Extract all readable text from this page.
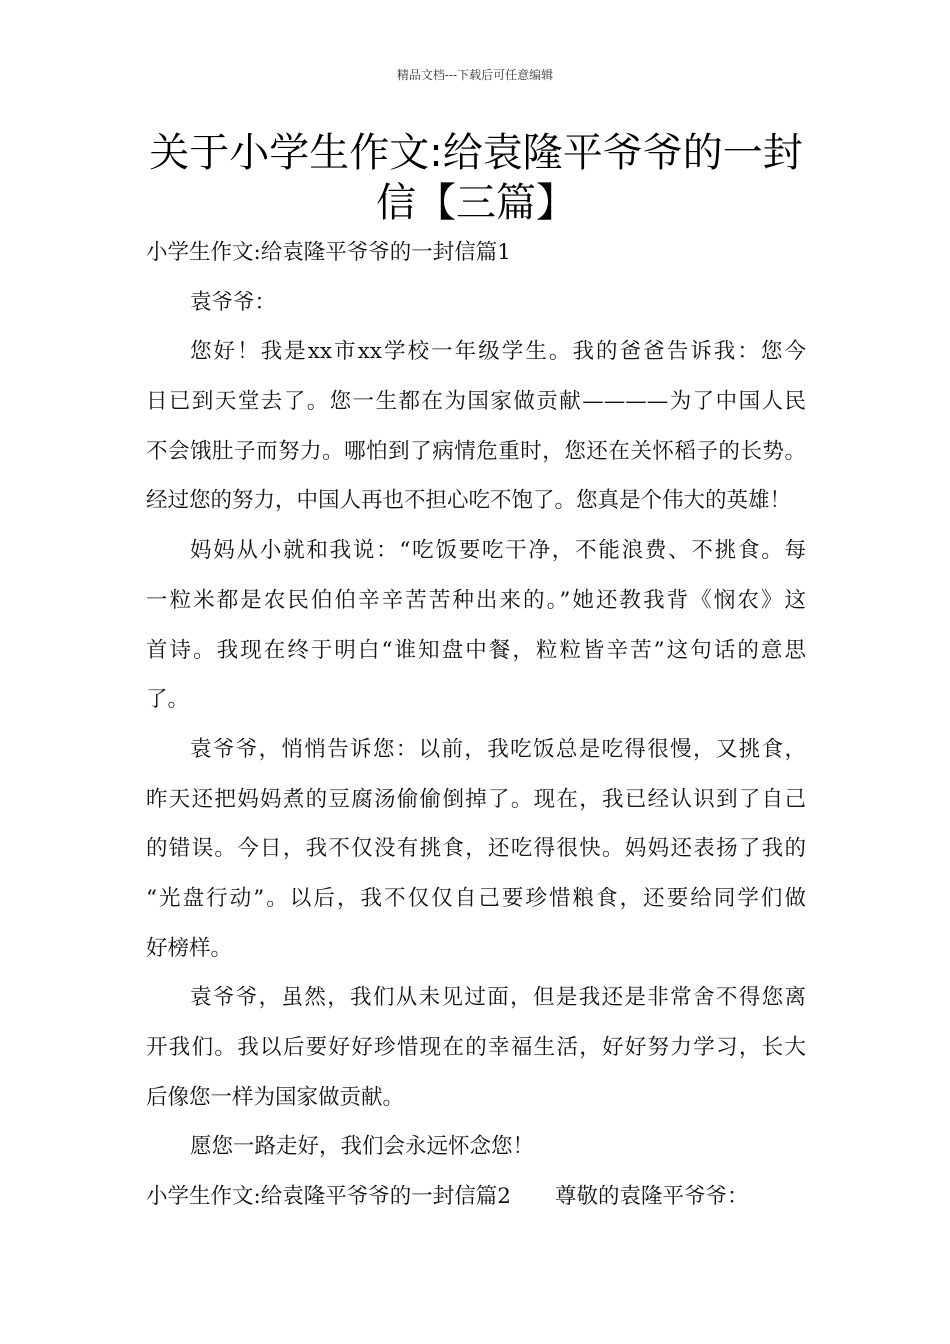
精品文档---下载后可任意编辑
关于小学生作文:给袁隆平爷爷的一封
信【三篇】
小学生作文:给袁隆平爷爷的一封信篇1
袁爷爷：
您好！我是xx市xx学校一年级学生。我的爸爸告诉我：您今
日已到天堂去了。您一生都在为国家做贡献————为了中国人民
不会饿肚子而努力。哪怕到了病情危重时，您还在关怀稻子的长势。
经过您的努力，中国人再也不担心吃不饱了。您真是个伟大的英雄！
妈妈从小就和我说：“吃饭要吃干净，不能浪费、不挑食。每
一粒米都是农民伯伯辛辛苦苦种出来的。”她还教我背《悯农》这
首诗。我现在终于明白“谁知盘中餐，粒粒皆辛苦”这句话的意思
了。
袁爷爷，悄悄告诉您：以前，我吃饭总是吃得很慢，又挑食，
昨天还把妈妈煮的豆腐汤偷偷倒掉了。现在，我已经认识到了自己
的错误。今日，我不仅没有挑食，还吃得很快。妈妈还表扬了我的
“光盘行动”。以后，我不仅仅自己要珍惜粮食，还要给同学们做
好榜样。
袁爷爷，虽然，我们从未见过面，但是我还是非常舍不得您离
开我们。我以后要好好珍惜现在的幸福生活，好好努力学习，长大
后像您一样为国家做贡献。
愿您一路走好，我们会永远怀念您！
小学生作文:给袁隆平爷爷的一封信篇2 尊敬的袁隆平爷爷：
